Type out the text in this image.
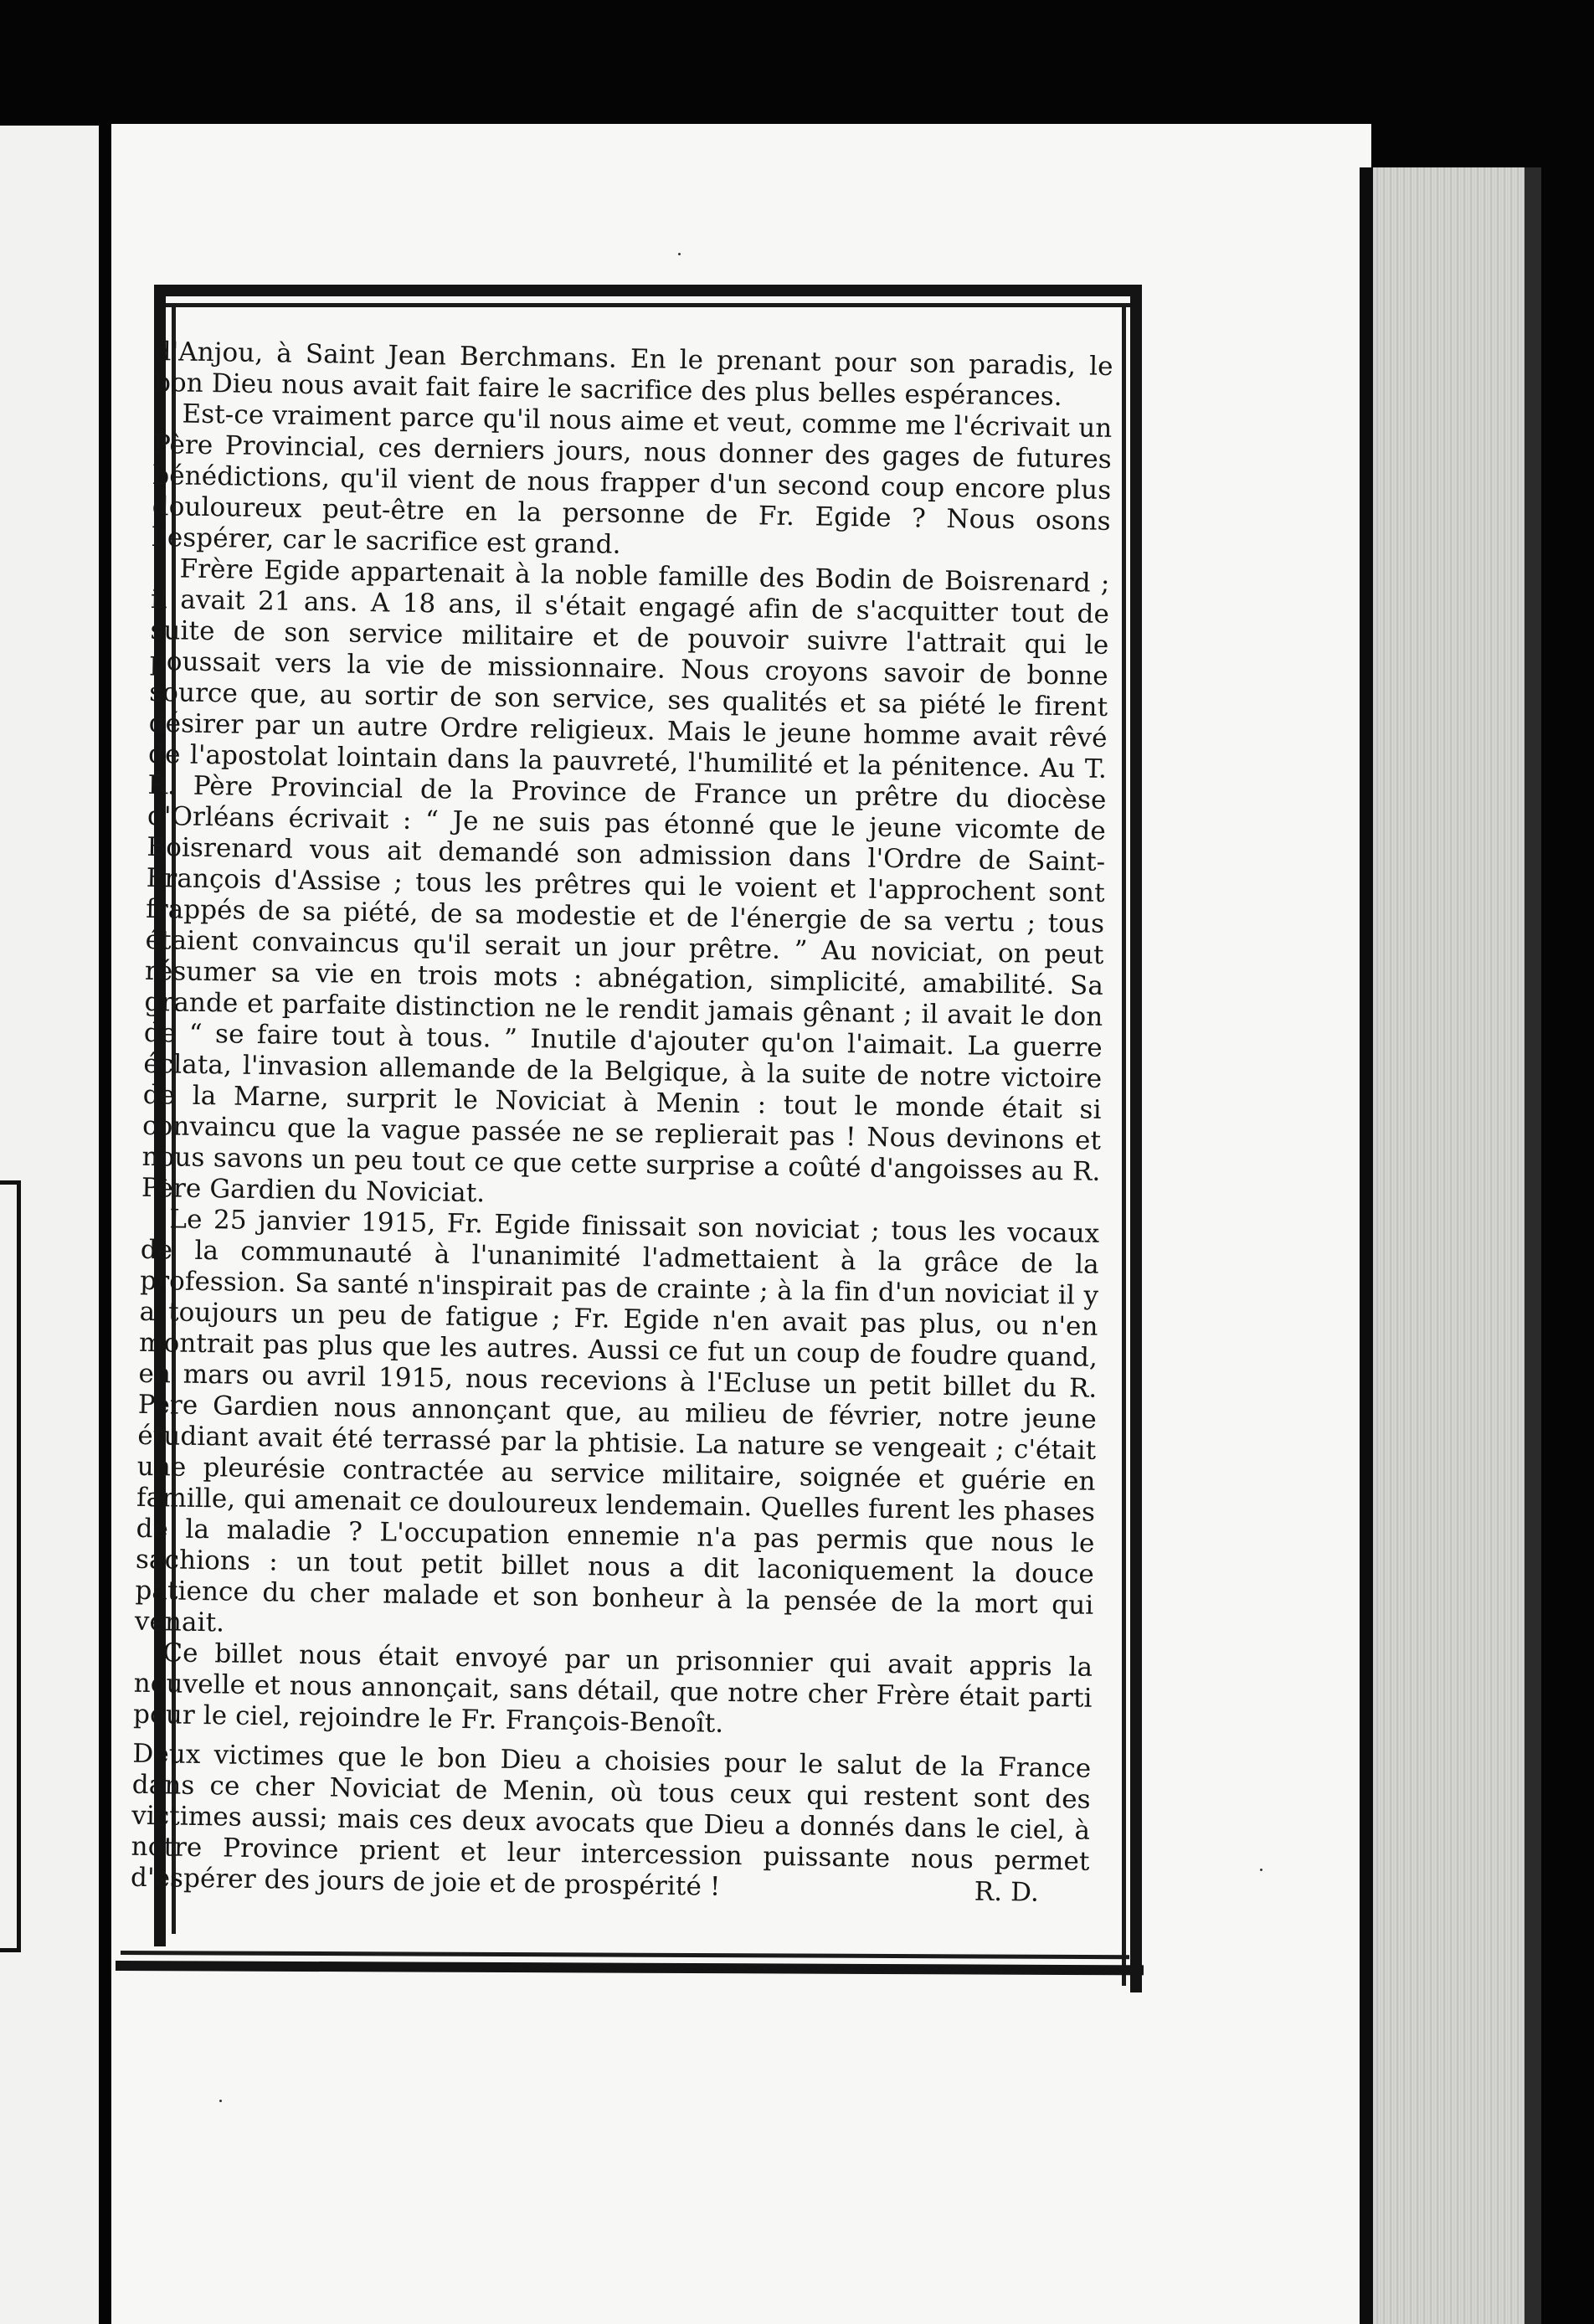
d'Anjou, à Saint Jean Berchmans. En le prenant pour son paradis, le bon Dieu nous avait fait faire le sacrifice des plus belles espérances.

Est-ce vraiment parce qu'il nous aime et veut, comme me l'écrivait un Père Provincial, ces derniers jours, nous donner des gages de futures bénédictions, qu'il vient de nous frapper d'un second coup encore plus douloureux peut-être en la personne de Fr. Egide ? Nous osons l'espérer, car le sacrifice est grand.

Frère Egide appartenait à la noble famille des Bodin de Boisrenard ; il avait 21 ans. A 18 ans, il s'était engagé afin de s'acquitter tout de suite de son service militaire et de pouvoir suivre l'attrait qui le poussait vers la vie de missionnaire. Nous croyons savoir de bonne source que, au sortir de son service, ses qualités et sa piété le firent désirer par un autre Ordre religieux. Mais le jeune homme avait rêvé de l'apostolat lointain dans la pauvreté, l'humilité et la pénitence. Au T. R. Père Provincial de la Province de France un prêtre du diocèse d'Orléans écrivait : “ Je ne suis pas étonné que le jeune vicomte de Boisrenard vous ait demandé son admission dans l'Ordre de Saint-François d'Assise ; tous les prêtres qui le voient et l'approchent sont frappés de sa piété, de sa modestie et de l'énergie de sa vertu ; tous étaient convaincus qu'il serait un jour prêtre. ” Au noviciat, on peut résumer sa vie en trois mots : abnégation, simplicité, amabilité. Sa grande et parfaite distinction ne le rendit jamais gênant ; il avait le don de “ se faire tout à tous. ” Inutile d'ajouter qu'on l'aimait. La guerre éclata, l'invasion allemande de la Belgique, à la suite de notre victoire de la Marne, surprit le Noviciat à Menin : tout le monde était si convaincu que la vague passée ne se replierait pas ! Nous devinons et nous savons un peu tout ce que cette surprise a coûté d'angoisses au R. Père Gardien du Noviciat.

Le 25 janvier 1915, Fr. Egide finissait son noviciat ; tous les vocaux de la communauté à l'unanimité l'admettaient à la grâce de la profession. Sa santé n'inspirait pas de crainte ; à la fin d'un noviciat il y a toujours un peu de fatigue ; Fr. Egide n'en avait pas plus, ou n'en montrait pas plus que les autres. Aussi ce fut un coup de foudre quand, en mars ou avril 1915, nous recevions à l'Ecluse un petit billet du R. Père Gardien nous annonçant que, au milieu de février, notre jeune étudiant avait été terrassé par la phtisie. La nature se vengeait ; c'était une pleurésie contractée au service militaire, soignée et guérie en famille, qui amenait ce douloureux lendemain. Quelles furent les phases de la maladie ? L'occupation ennemie n'a pas permis que nous le sachions : un tout petit billet nous a dit laconiquement la douce patience du cher malade et son bonheur à la pensée de la mort qui venait.

Ce billet nous était envoyé par un prisonnier qui avait appris la nouvelle et nous annonçait, sans détail, que notre cher Frère était parti pour le ciel, rejoindre le Fr. François-Benoît.

Deux victimes que le bon Dieu a choisies pour le salut de la France dans ce cher Noviciat de Menin, où tous ceux qui restent sont des victimes aussi; mais ces deux avocats que Dieu a donnés dans le ciel, à notre Province prient et leur intercession puissante nous permet d'espérer des jours de joie et de prospérité !	R. D.
